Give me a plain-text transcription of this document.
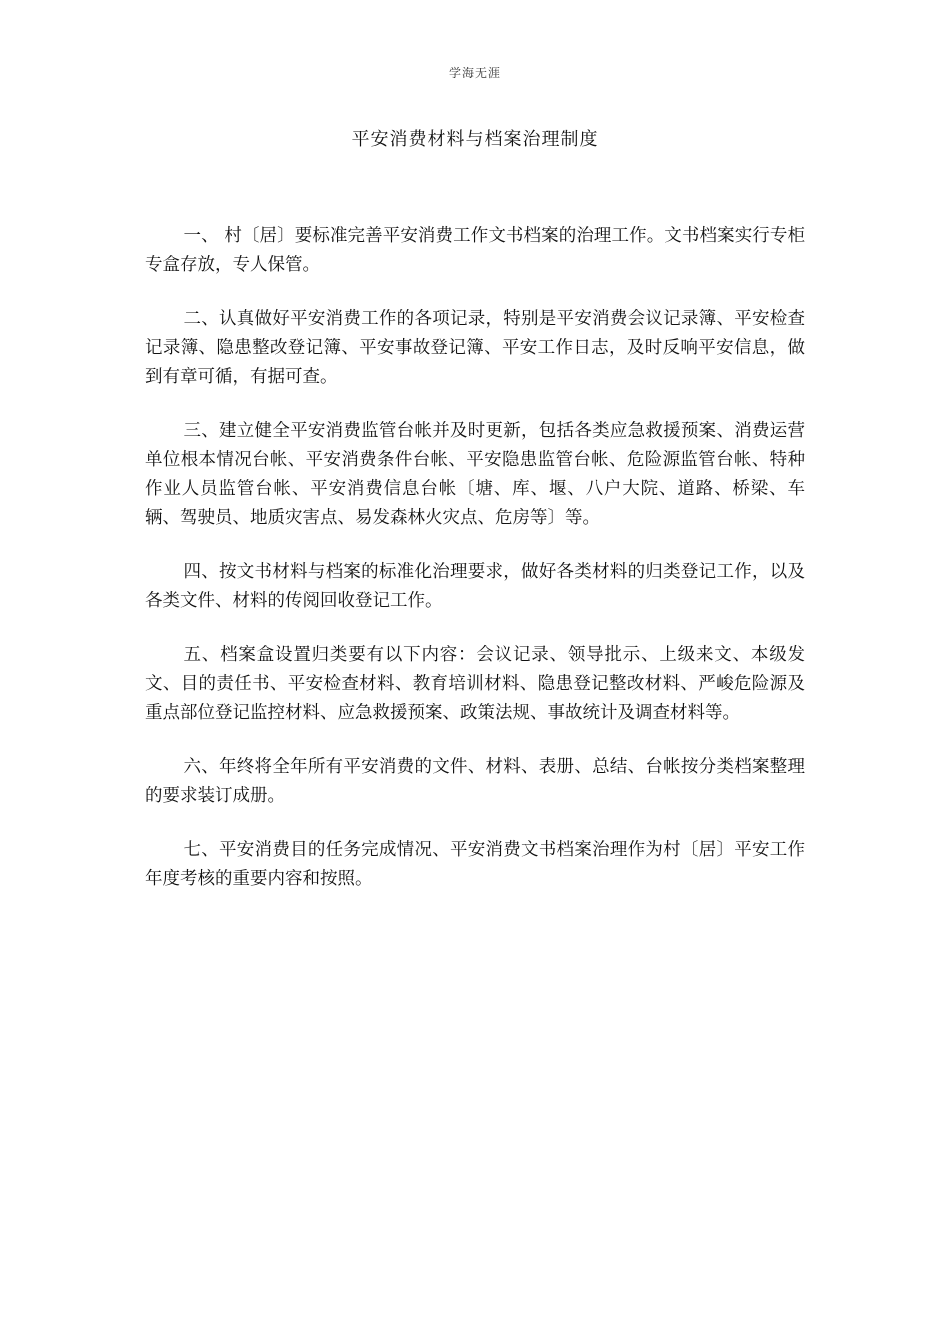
学海无涯
平安消费材料与档案治理制度

一、 村〔居〕要标准完善平安消费工作文书档案的治理工作。文书档案实行专柜专盒存放，专人保管。

二、认真做好平安消费工作的各项记录，特别是平安消费会议记录簿、平安检查记录簿、隐患整改登记簿、平安事故登记簿、平安工作日志，及时反响平安信息，做到有章可循，有据可查。

三、建立健全平安消费监管台帐并及时更新，包括各类应急救援预案、消费运营单位根本情况台帐、平安消费条件台帐、平安隐患监管台帐、危险源监管台帐、特种作业人员监管台帐、平安消费信息台帐〔塘、库、堰、八户大院、道路、桥梁、车辆、驾驶员、地质灾害点、易发森林火灾点、危房等〕等。

四、按文书材料与档案的标准化治理要求，做好各类材料的归类登记工作，以及各类文件、材料的传阅回收登记工作。

五、档案盒设置归类要有以下内容：会议记录、领导批示、上级来文、本级发文、目的责任书、平安检查材料、教育培训材料、隐患登记整改材料、严峻危险源及重点部位登记监控材料、应急救援预案、政策法规、事故统计及调查材料等。

六、年终将全年所有平安消费的文件、材料、表册、总结、台帐按分类档案整理的要求装订成册。

七、平安消费目的任务完成情况、平安消费文书档案治理作为村〔居〕平安工作年度考核的重要内容和按照。
